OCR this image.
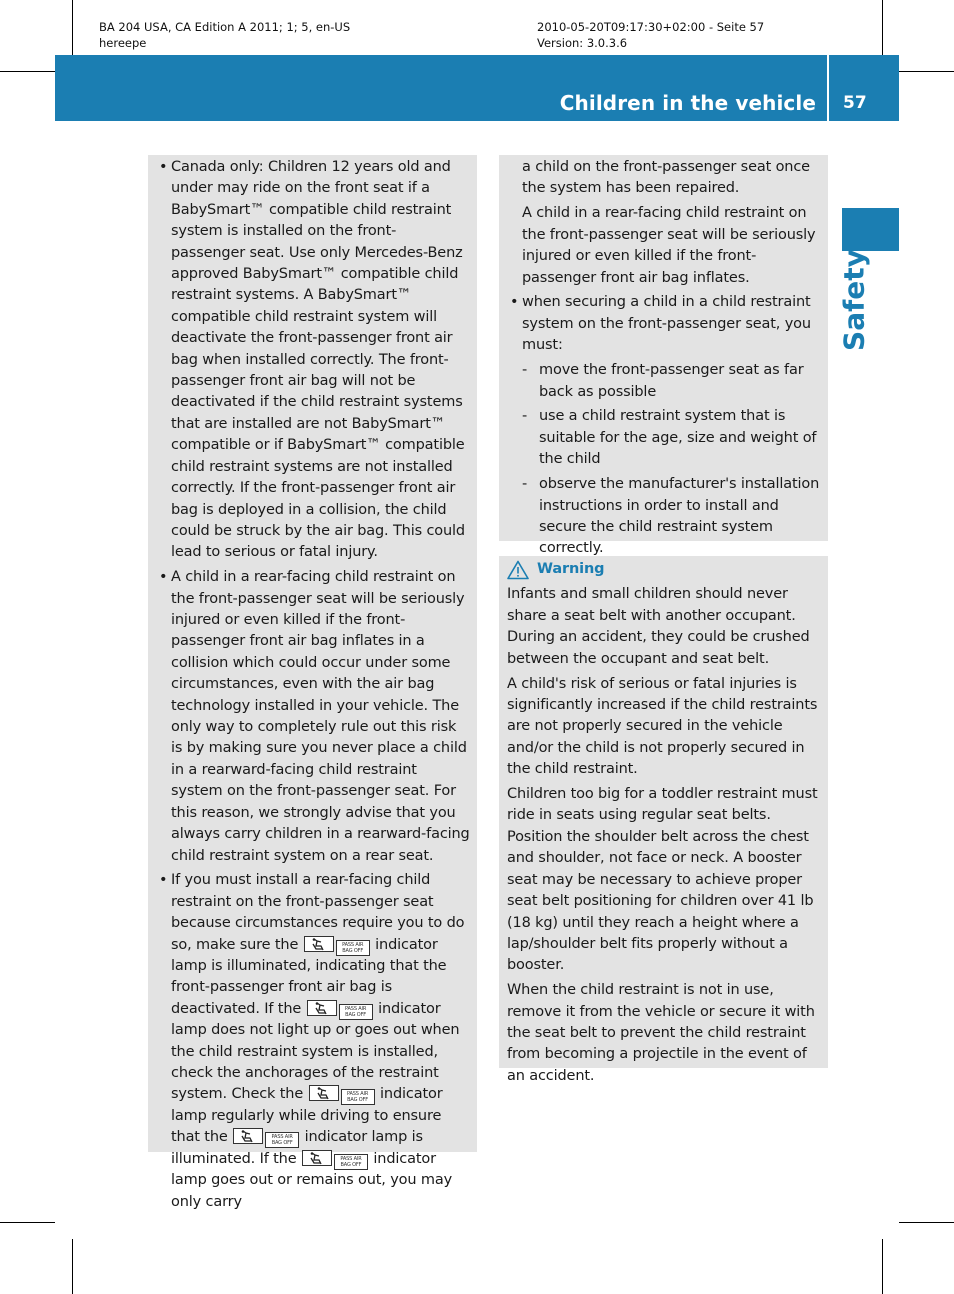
BA 204 USA, CA Edition A 2011; 1; 5, en-US
hereepe
2010-05-20T09:17:30+02:00 - Seite 57
Version: 3.0.3.6
Children in the vehicle 57
Safety
• Canada only: Children 12 years old and under may ride on the front seat if a BabySmart™ compatible child restraint system is installed on the front-passenger seat. Use only Mercedes-Benz approved BabySmart™ compatible child restraint systems. A BabySmart™ compatible child restraint system will deactivate the front-passenger front air bag when installed correctly. The front-passenger front air bag will not be deactivated if the child restraint systems that are installed are not BabySmart™ compatible or if BabySmart™ compatible child restraint systems are not installed correctly. If the front-passenger front air bag is deployed in a collision, the child could be struck by the air bag. This could lead to serious or fatal injury.
• A child in a rear-facing child restraint on the front-passenger seat will be seriously injured or even killed if the front-passenger front air bag inflates in a collision which could occur under some circumstances, even with the air bag technology installed in your vehicle. The only way to completely rule out this risk is by making sure you never place a child in a rearward-facing child restraint system on the front-passenger seat. For this reason, we strongly advise that you always carry children in a rearward-facing child restraint system on a rear seat.
• If you must install a rear-facing child restraint on the front-passenger seat because circumstances require you to do so, make sure the	PASS AIR BAG OFF indicator lamp is illuminated, indicating that the front-passenger front air bag is deactivated. If the	PASS AIR BAG OFF indicator lamp does not light up or goes out when the child restraint system is installed, check the anchorages of the restraint system. Check the	PASS AIR BAG OFF indicator lamp regularly while driving to ensure that the	PASS AIR BAG OFF indicator lamp is illuminated. If the	PASS AIR BAG OFF indicator lamp goes out or remains out, you may only carry
a child on the front-passenger seat once the system has been repaired.
A child in a rear-facing child restraint on the front-passenger seat will be seriously injured or even killed if the front-passenger front air bag inflates.
• when securing a child in a child restraint system on the front-passenger seat, you must:
- move the front-passenger seat as far back as possible
- use a child restraint system that is suitable for the age, size and weight of the child
- observe the manufacturer's installation instructions in order to install and secure the child restraint system correctly.
Warning
Infants and small children should never share a seat belt with another occupant. During an accident, they could be crushed between the occupant and seat belt.
A child's risk of serious or fatal injuries is significantly increased if the child restraints are not properly secured in the vehicle and/or the child is not properly secured in the child restraint.
Children too big for a toddler restraint must ride in seats using regular seat belts. Position the shoulder belt across the chest and shoulder, not face or neck. A booster seat may be necessary to achieve proper seat belt positioning for children over 41 lb (18 kg) until they reach a height where a lap/shoulder belt fits properly without a booster.
When the child restraint is not in use, remove it from the vehicle or secure it with the seat belt to prevent the child restraint from becoming a projectile in the event of an accident.
